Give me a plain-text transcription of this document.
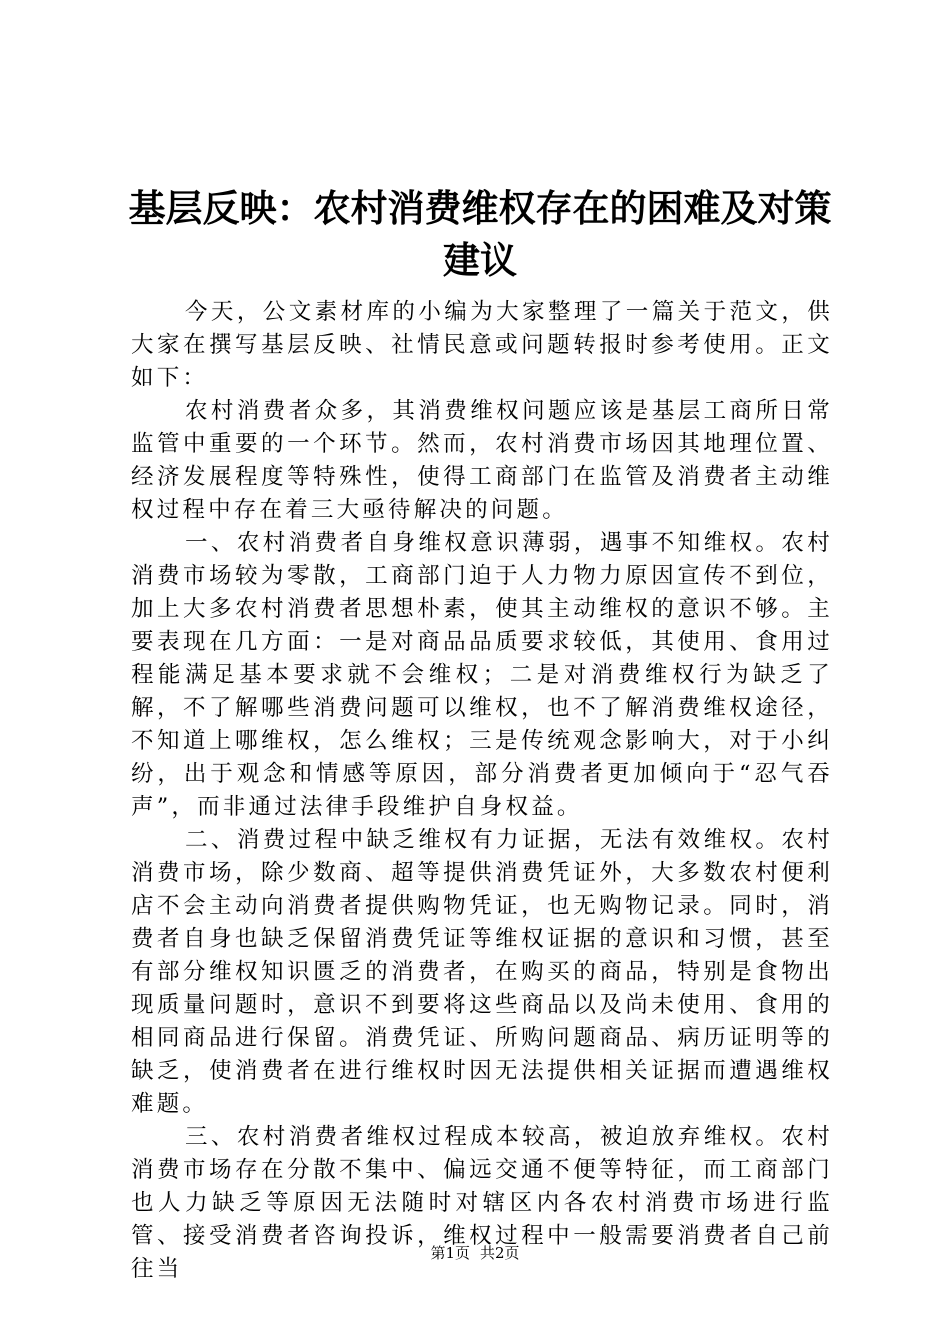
基层反映：农村消费维权存在的困难及对策建议

今天，公文素材库的小编为大家整理了一篇关于范文，供大家在撰写基层反映、社情民意或问题转报时参考使用。正文如下：

农村消费者众多，其消费维权问题应该是基层工商所日常监管中重要的一个环节。然而，农村消费市场因其地理位置、经济发展程度等特殊性，使得工商部门在监管及消费者主动维权过程中存在着三大亟待解决的问题。

一、农村消费者自身维权意识薄弱，遇事不知维权。农村消费市场较为零散，工商部门迫于人力物力原因宣传不到位，加上大多农村消费者思想朴素，使其主动维权的意识不够。主要表现在几方面：一是对商品品质要求较低，其使用、食用过程能满足基本要求就不会维权；二是对消费维权行为缺乏了解，不了解哪些消费问题可以维权，也不了解消费维权途径，不知道上哪维权，怎么维权；三是传统观念影响大，对于小纠纷，出于观念和情感等原因，部分消费者更加倾向于“忍气吞声”，而非通过法律手段维护自身权益。

二、消费过程中缺乏维权有力证据，无法有效维权。农村消费市场，除少数商、超等提供消费凭证外，大多数农村便利店不会主动向消费者提供购物凭证，也无购物记录。同时，消费者自身也缺乏保留消费凭证等维权证据的意识和习惯，甚至有部分维权知识匮乏的消费者，在购买的商品，特别是食物出现质量问题时，意识不到要将这些商品以及尚未使用、食用的相同商品进行保留。消费凭证、所购问题商品、病历证明等的缺乏，使消费者在进行维权时因无法提供相关证据而遭遇维权难题。

三、农村消费者维权过程成本较高，被迫放弃维权。农村消费市场存在分散不集中、偏远交通不便等特征，而工商部门也人力缺乏等原因无法随时对辖区内各农村消费市场进行监管、接受消费者咨询投诉，维权过程中一般需要消费者自己前往当

第1页 共2页
